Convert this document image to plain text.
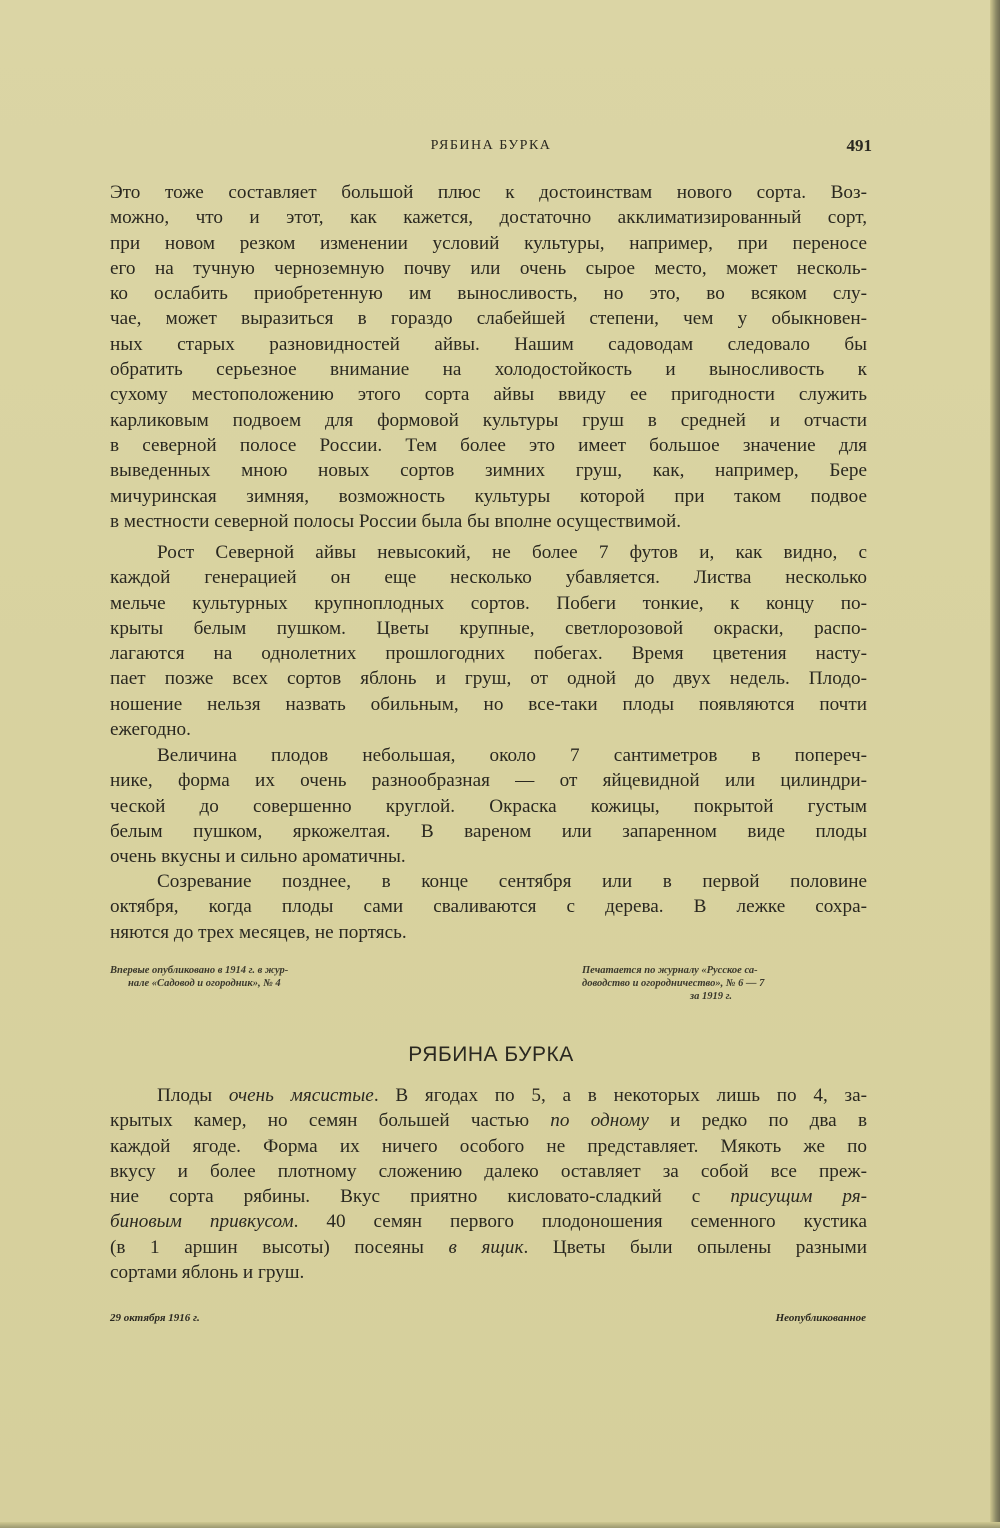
РЯБИНА БУРКА	491

Это тоже составляет большой плюс к достоинствам нового сорта. Воз-
можно, что и этот, как кажется, достаточно акклиматизированный сорт,
при новом резком изменении условий культуры, например, при переносе
его на тучную черноземную почву или очень сырое место, может несколь-
ко ослабить приобретенную им выносливость, но это, во всяком слу-
чае, может выразиться в гораздо слабейшей степени, чем у обыкновен-
ных старых разновидностей айвы. Нашим садоводам следовало бы
обратить серьезное внимание на холодостойкость и выносливость к
сухому местоположению этого сорта айвы ввиду ее пригодности служить
карликовым подвоем для формовой культуры груш в средней и отчасти
в северной полосе России. Тем более это имеет большое значение для
выведенных мною новых сортов зимних груш, как, например, Бере
мичуринская зимняя, возможность культуры которой при таком подвое
в местности северной полосы России была бы вполне осуществимой.

Рост Северной айвы невысокий, не более 7 футов и, как видно, с
каждой генерацией он еще несколько убавляется. Листва несколько
мельче культурных крупноплодных сортов. Побеги тонкие, к концу по-
крыты белым пушком. Цветы крупные, светлорозовой окраски, распо-
лагаются на однолетних прошлогодних побегах. Время цветения насту-
пает позже всех сортов яблонь и груш, от одной до двух недель. Плодо-
ношение нельзя назвать обильным, но все-таки плоды появляются почти
ежегодно.

Величина плодов небольшая, около 7 сантиметров в попереч-
нике, форма их очень разнообразная — от яйцевидной или цилиндри-
ческой до совершенно круглой. Окраска кожицы, покрытой густым
белым пушком, яркожелтая. В вареном или запаренном виде плоды
очень вкусны и сильно ароматичны.

Созревание позднее, в конце сентября или в первой половине
октября, когда плоды сами сваливаются с дерева. В лежке сохра-
няются до трех месяцев, не портясь.

Впервые опубликовано в 1914 г. в жур-
нале «Садовод и огородник», № 4
Печатается по журналу «Русское са-
доводство и огородничество», № 6 — 7
за 1919 г.
РЯБИНА БУРКА

Плоды очень мясистые. В ягодах по 5, а в некоторых лишь по 4, за-
крытых камер, но семян большей частью по одному и редко по два в
каждой ягоде. Форма их ничего особого не представляет. Мякоть же по
вкусу и более плотному сложению далеко оставляет за собой все преж-
ние сорта рябины. Вкус приятно кисловато-сладкий с присущим ря-
биновым привкусом. 40 семян первого плодоношения семенного кустика
(в 1 аршин высоты) посеяны в ящик. Цветы были опылены разными
сортами яблонь и груш.

29 октября 1916 г.	Неопубликованное
